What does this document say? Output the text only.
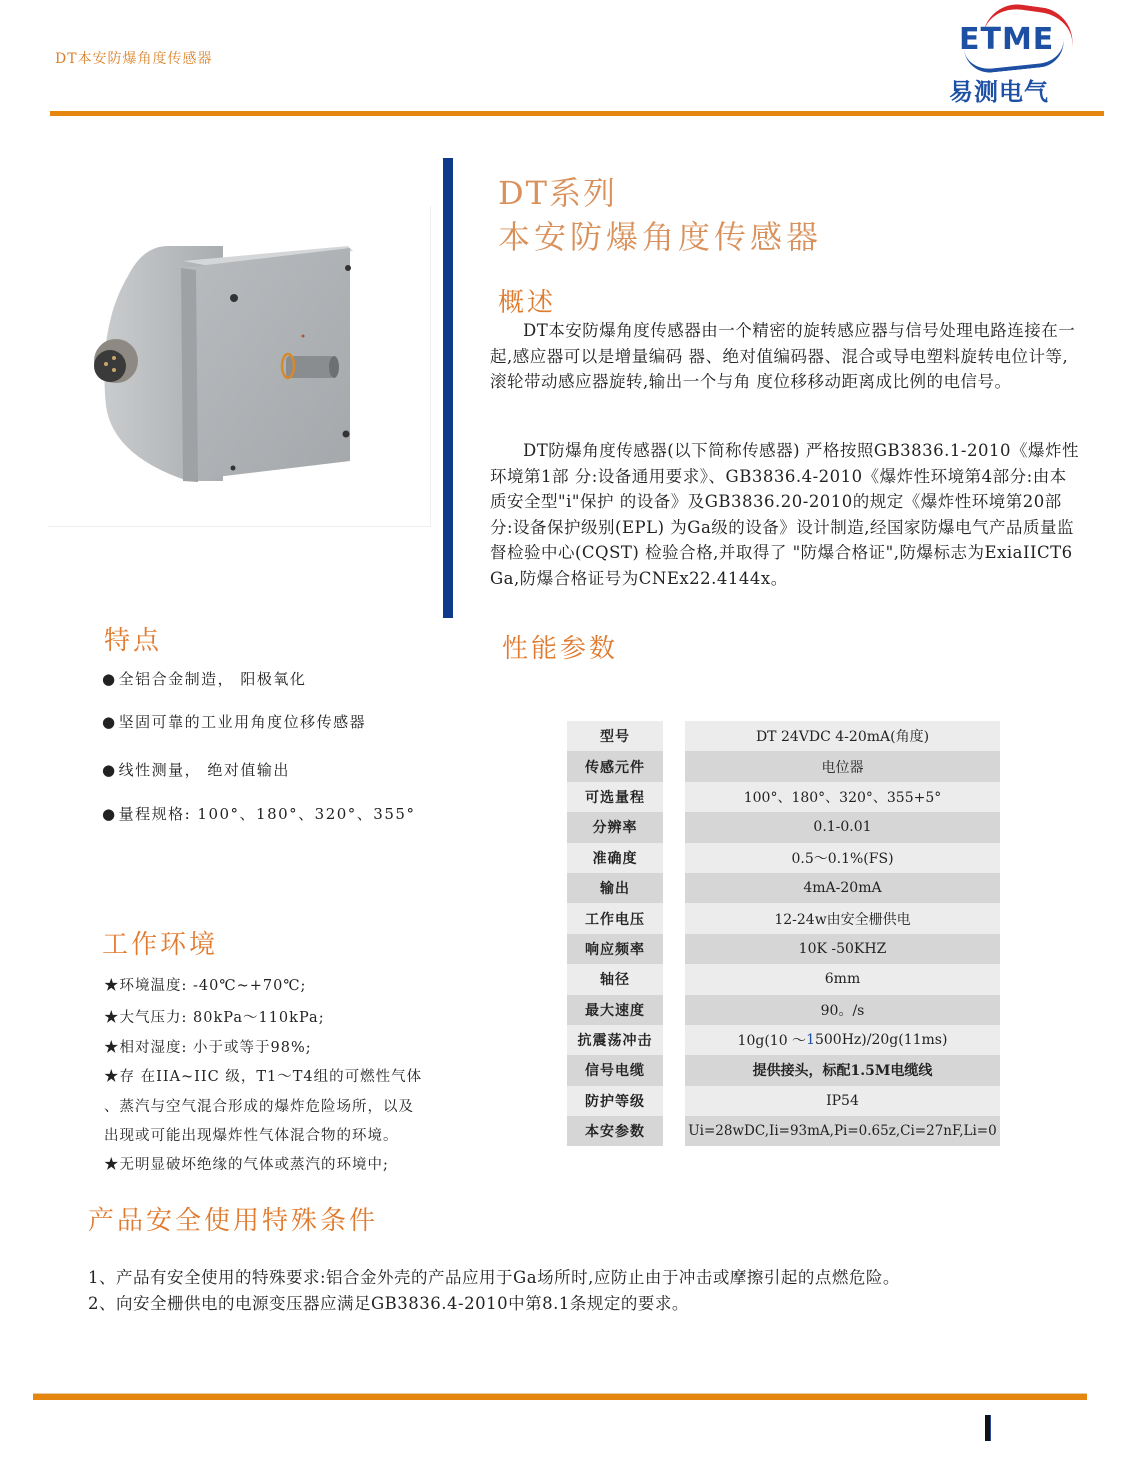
DT本安防爆角度传感器
ETME
易测电气
DT系列
本安防爆角度传感器
概述
DT本安防爆角度传感器由一个精密的旋转感应器与信号处理电路连接在一起,感应器可以是增量编码 器、绝对值编码器、混合或导电塑料旋转电位计等,滚轮带动感应器旋转,输出一个与角 度位移移动距离成比例的电信号。
DT防爆角度传感器(以下简称传感器) 严格按照GB3836.1-2010《爆炸性环境第1部 分:设备通用要求》、GB3836.4-2010《爆炸性环境第4部分:由本质安全型"i"保护 的设备》及GB3836.20-2010的规定《爆炸性环境第20部分:设备保护级别(EPL) 为Ga级的设备》设计制造,经国家防爆电气产品质量监督检验中心(CQST) 检验合格,并取得了 "防爆合格证",防爆标志为ExiaIICT6 Ga,防爆合格证号为CNEx22.4144x。
特点
● 全铝合金制造， 阳极氧化
● 坚固可靠的工业用角度位移传感器
● 线性测量， 绝对值输出
● 量程规格: 100°、180°、320°、355°
工作环境
★环境温度: -40℃~+70℃;
★大气压力: 80kPa〜110kPa;
★相对湿度: 小于或等于98%;
★存 在IIA~IIC 级，T1〜T4组的可燃性气体
、蒸汽与空气混合形成的爆炸危险场所，以及
出现或可能出现爆炸性气体混合物的环境。
★无明显破坏绝缘的气体或蒸汽的环境中;
性能参数
型号	DT 24VDC 4-20mA(角度)
传感元件	电位器
可选量程	100°、180°、320°、355+5°
分辨率	0.1-0.01
准确度	0.5～0.1%(FS)
输出	4mA-20mA
工作电压	12-24w由安全栅供电
响应频率	10K -50KHZ
轴径	6mm
最大速度	90。/s
抗震荡冲击	10g(10 ～ 1 500Hz)/20g(11ms)
信号电缆	提供接头，标配1.5M电缆线
防护等级	IP54
本安参数	Ui=28wDC,Ii=93mA,Pi=0.65z,Ci=27nF,Li=0
产品安全使用特殊条件
1、产品有安全使用的特殊要求:铝合金外壳的产品应用于Ga场所时,应防止由于冲击或摩擦引起的点燃危险。
2、向安全栅供电的电源变压器应满足GB3836.4-2010中第8.1条规定的要求。
